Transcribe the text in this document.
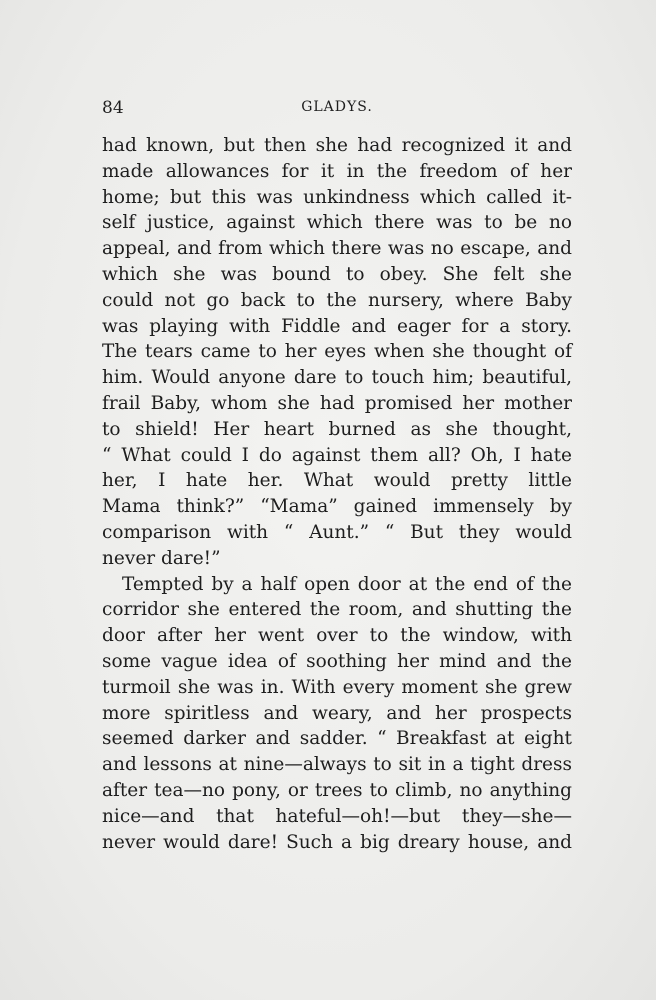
84	GLADYS.
had known, but then she had recognized it and
made allowances for it in the freedom of her
home; but this was unkindness which called it-
self justice, against which there was to be no
appeal, and from which there was no escape, and
which she was bound to obey. She felt she
could not go back to the nursery, where Baby
was playing with Fiddle and eager for a story.
The tears came to her eyes when she thought of
him. Would anyone dare to touch him; beautiful,
frail Baby, whom she had promised her mother
to shield! Her heart burned as she thought,
“ What could I do against them all? Oh, I hate
her, I hate her. What would pretty little
Mama think?” “Mama” gained immensely by
comparison with “ Aunt.” “ But they would
never dare!”
Tempted by a half open door at the end of the
corridor she entered the room, and shutting the
door after her went over to the window, with
some vague idea of soothing her mind and the
turmoil she was in. With every moment she grew
more spiritless and weary, and her prospects
seemed darker and sadder. “ Breakfast at eight
and lessons at nine—always to sit in a tight dress
after tea—no pony, or trees to climb, no anything
nice—and that hateful—oh!—but they—she—
never would dare! Such a big dreary house, and
